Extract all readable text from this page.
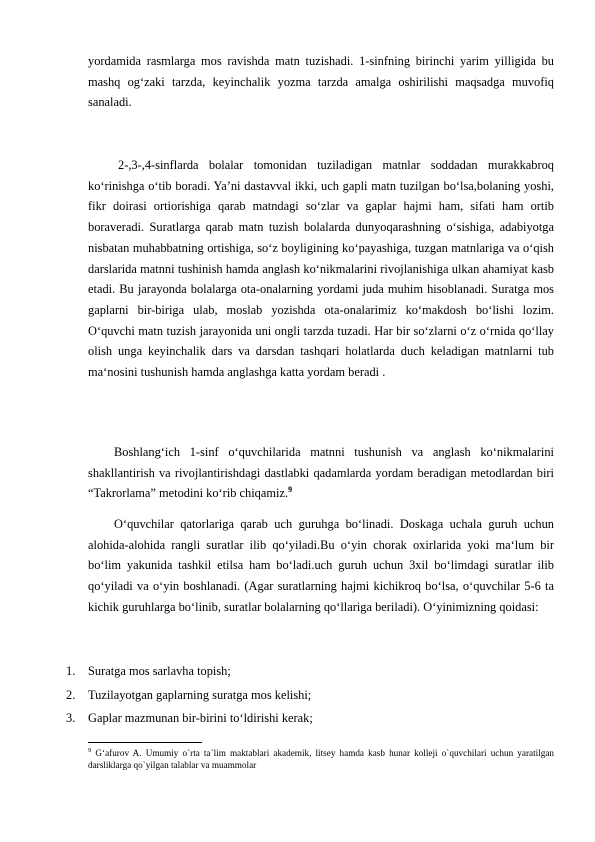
yordamida rasmlarga mos ravishda matn tuzishadi. 1-sinfning birinchi yarim yilligida bu mashq og‘zaki tarzda, keyinchalik yozma tarzda amalga oshirilishi maqsadga muvofiq sanaladi.

2-,3-,4-sinflarda bolalar tomonidan tuziladigan matnlar soddadan murakkabroq ko‘rinishga o‘tib boradi. Ya’ni dastavval ikki, uch gapli matn tuzilgan bo‘lsa,bolaning yoshi, fikr doirasi ortiorishiga qarab matndagi so‘zlar va gaplar hajmi ham, sifati ham ortib boraveradi. Suratlarga qarab matn tuzish bolalarda dunyoqarashning o‘sishiga, adabiyotga nisbatan muhabbatning ortishiga, so‘z boyligining ko‘payashiga, tuzgan matnlariga va o‘qish darslarida matnni tushinish hamda anglash ko‘nikmalarini rivojlanishiga ulkan ahamiyat kasb etadi. Bu jarayonda bolalarga ota-onalarning yordami juda muhim hisoblanadi. Suratga mos gaplarni bir-biriga ulab, moslab yozishda ota-onalarimiz ko‘makdosh bo‘lishi lozim. O‘quvchi matn tuzish jarayonida uni ongli tarzda tuzadi. Har bir so‘zlarni o‘z o‘rnida qo‘llay olish unga keyinchalik dars va darsdan tashqari holatlarda duch keladigan matnlarni tub ma‘nosini tushunish hamda anglashga katta yordam beradi .

Boshlang‘ich 1-sinf o‘quvchilarida matnni tushunish va anglash ko‘nikmalarini shakllantirish va rivojlantirishdagi dastlabki qadamlarda yordam beradigan metodlardan biri “Takrorlama” metodini ko‘rib chiqamiz.$^9$

O‘quvchilar qatorlariga qarab uch guruhga bo‘linadi. Doskaga uchala guruh uchun alohida-alohida rangli suratlar ilib qo‘yiladi.Bu o‘yin chorak oxirlarida yoki ma‘lum bir bo‘lim yakunida tashkil etilsa ham bo‘ladi.uch guruh uchun 3xil bo‘limdagi suratlar ilib qo‘yiladi va o‘yin boshlanadi. (Agar suratlarning hajmi kichikroq bo‘lsa, o‘quvchilar 5-6 ta kichik guruhlarga bo‘linib, suratlar bolalarning qo‘llariga beriladi). O‘yinimizning qoidasi:

1. Suratga mos sarlavha topish;
2. Tuzilayotgan gaplarning suratga mos kelishi;
3. Gaplar mazmunan bir-birini to‘ldirishi kerak;

$^9$ G‘afurov A. Umumiy o`rta ta`lim maktablari akademik, litsey hamda kasb hunar kolleji o`quvchilari uchun yaratilgan darsliklarga qo`yilgan talablar va muammolar
